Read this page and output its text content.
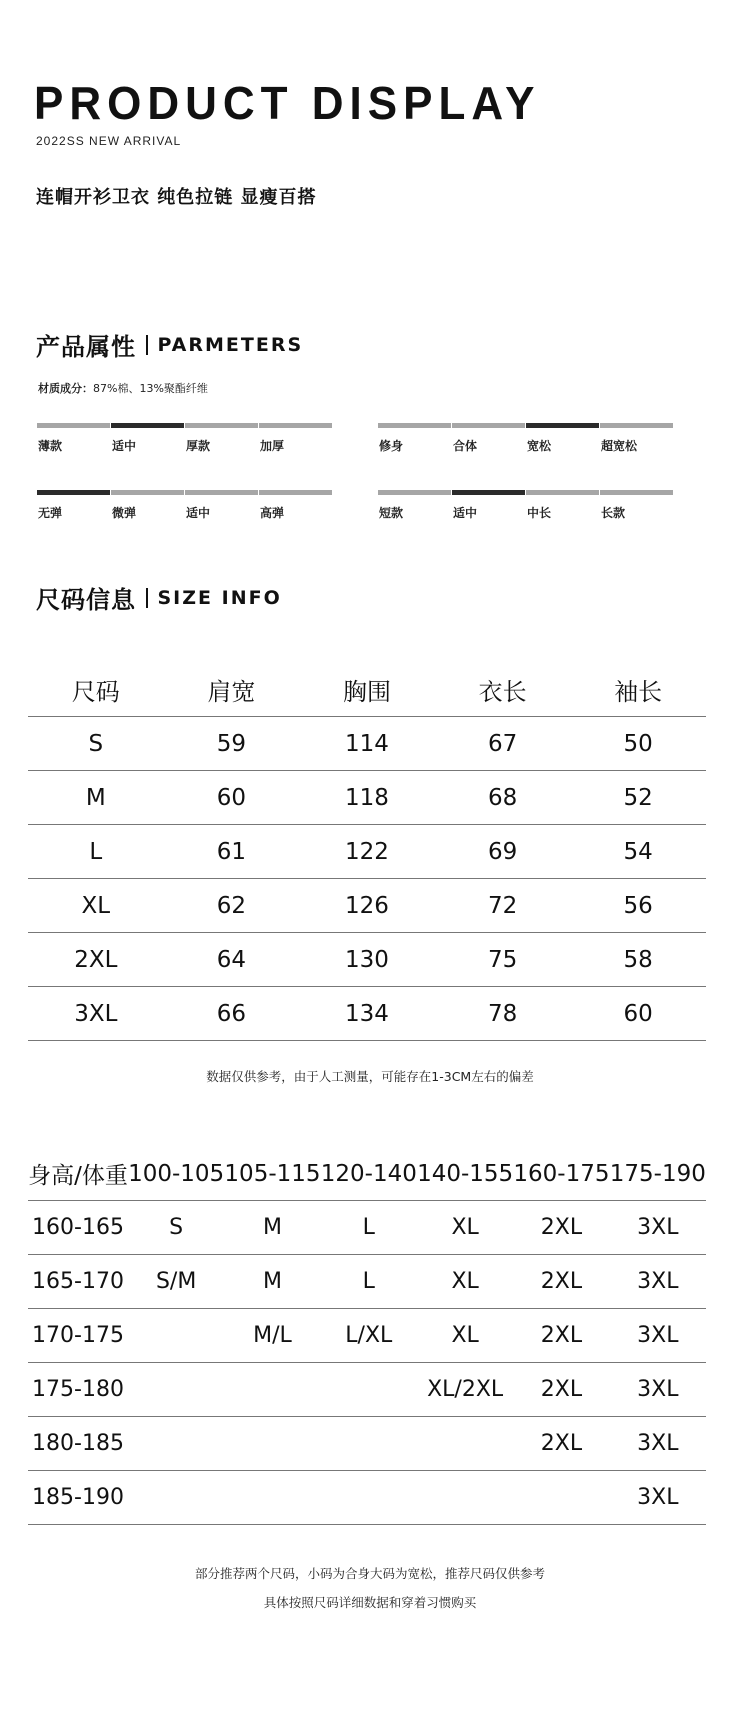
PRODUCT DISPLAY
2022SS NEW ARRIVAL
连帽开衫卫衣 纯色拉链 显瘦百搭
产品属性 PARMETERS
材质成分：87%棉、13%聚酯纤维
薄款	适中	厚款	加厚	修身	合体	宽松	超宽松
无弹	微弹	适中	高弹	短款	适中	中长	长款
尺码信息 SIZE INFO
尺码	肩宽	胸围	衣长	袖长
S	59	114	67	50
M	60	118	68	52
L	61	122	69	54
XL	62	126	72	56
2XL	64	130	75	58
3XL	66	134	78	60
数据仅供参考，由于人工测量，可能存在1-3CM左右的偏差
身高/体重	100-105	105-115	120-140	140-155	160-175	175-190
160-165	S	M	L	XL	2XL	3XL
165-170	S/M	M	L	XL	2XL	3XL
170-175		M/L	L/XL	XL	2XL	3XL
175-180				XL/2XL	2XL	3XL
180-185					2XL	3XL
185-190						3XL
部分推荐两个尺码，小码为合身大码为宽松，推荐尺码仅供参考
具体按照尺码详细数据和穿着习惯购买
